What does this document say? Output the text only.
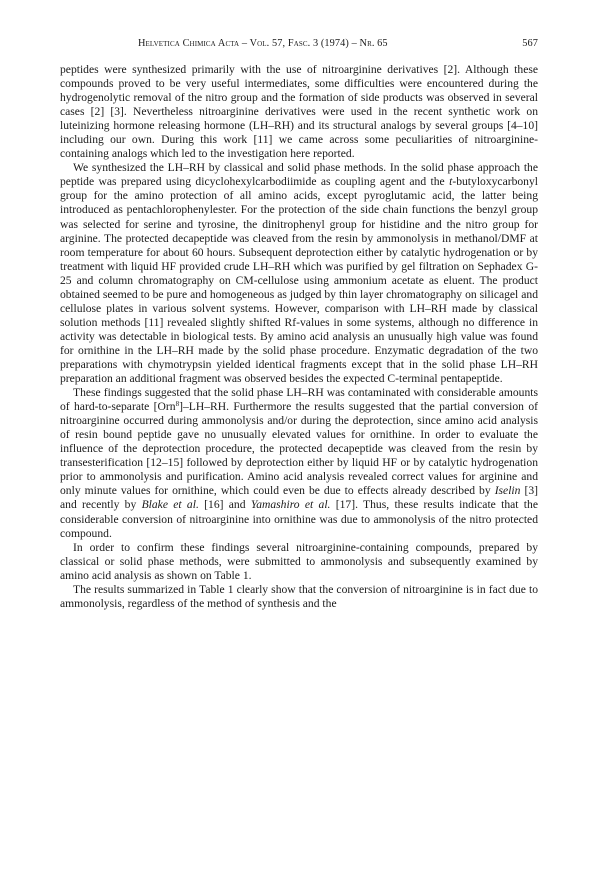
Helvetica Chimica Acta – Vol. 57, Fasc. 3 (1974) – Nr. 65	567

peptides were synthesized primarily with the use of nitroarginine derivatives [2]. Although these compounds proved to be very useful intermediates, some difficulties were encountered during the hydrogenolytic removal of the nitro group and the formation of side products was observed in several cases [2] [3]. Nevertheless nitroarginine derivatives were used in the recent synthetic work on luteinizing hormone releasing hormone (LH–RH) and its structural analogs by several groups [4–10] including our own. During this work [11] we came across some peculiarities of nitroarginine-containing analogs which led to the investigation here reported.

We synthesized the LH–RH by classical and solid phase methods. In the solid phase approach the peptide was prepared using dicyclohexylcarbodiimide as coupling agent and the t-butyloxycarbonyl group for the amino protection of all amino acids, except pyroglutamic acid, the latter being introduced as pentachlorophenylester. For the protection of the side chain functions the benzyl group was selected for serine and tyrosine, the dinitrophenyl group for histidine and the nitro group for arginine. The protected decapeptide was cleaved from the resin by ammonolysis in methanol/DMF at room temperature for about 60 hours. Subsequent deprotection either by catalytic hydrogenation or by treatment with liquid HF provided crude LH–RH which was purified by gel filtration on Sephadex G-25 and column chromatography on CM-cellulose using ammonium acetate as eluent. The product obtained seemed to be pure and homogeneous as judged by thin layer chromatography on silicagel and cellulose plates in various solvent systems. However, comparison with LH–RH made by classical solution methods [11] revealed slightly shifted Rf-values in some systems, although no difference in activity was detectable in biological tests. By amino acid analysis an unusually high value was found for ornithine in the LH–RH made by the solid phase procedure. Enzymatic degradation of the two preparations with chymotrypsin yielded identical fragments except that in the solid phase LH–RH preparation an additional fragment was observed besides the expected C-terminal pentapeptide.

These findings suggested that the solid phase LH–RH was contaminated with considerable amounts of hard-to-separate [Orn$^8$]–LH–RH. Furthermore the results suggested that the partial conversion of nitroarginine occurred during ammonolysis and/or during the deprotection, since amino acid analysis of resin bound peptide gave no unusually elevated values for ornithine. In order to evaluate the influence of the deprotection procedure, the protected decapeptide was cleaved from the resin by transesterification [12–15] followed by deprotection either by liquid HF or by catalytic hydrogenation prior to ammonolysis and purification. Amino acid analysis revealed correct values for arginine and only minute values for ornithine, which could even be due to effects already described by Iselin [3] and recently by Blake et al. [16] and Yamashiro et al. [17]. Thus, these results indicate that the considerable conversion of nitroarginine into ornithine was due to ammonolysis of the nitro protected compound.

In order to confirm these findings several nitroarginine-containing compounds, prepared by classical or solid phase methods, were submitted to ammonolysis and subsequently examined by amino acid analysis as shown on Table 1.

The results summarized in Table 1 clearly show that the conversion of nitroarginine is in fact due to ammonolysis, regardless of the method of synthesis and the
